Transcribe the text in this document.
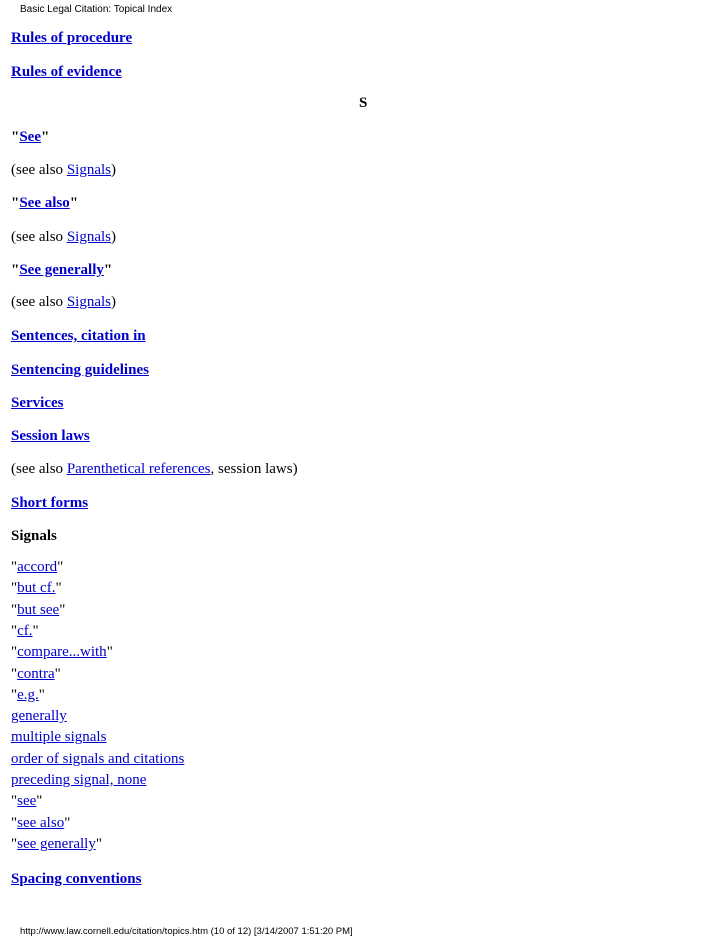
Basic Legal Citation: Topical Index
S
Rules of procedure
Rules of evidence
"See"
(see also Signals)
"See also"
(see also Signals)
"See generally"
(see also Signals)
Sentences, citation in
Sentencing guidelines
Services
Session laws
(see also Parenthetical references, session laws)
Short forms
Signals
"accord"
"but cf."
"but see"
"cf."
"compare...with"
"contra"
"e.g."
generally
multiple signals
order of signals and citations
preceding signal, none
"see"
"see also"
"see generally"
Spacing conventions
http://www.law.cornell.edu/citation/topics.htm (10 of 12) [3/14/2007 1:51:20 PM]
